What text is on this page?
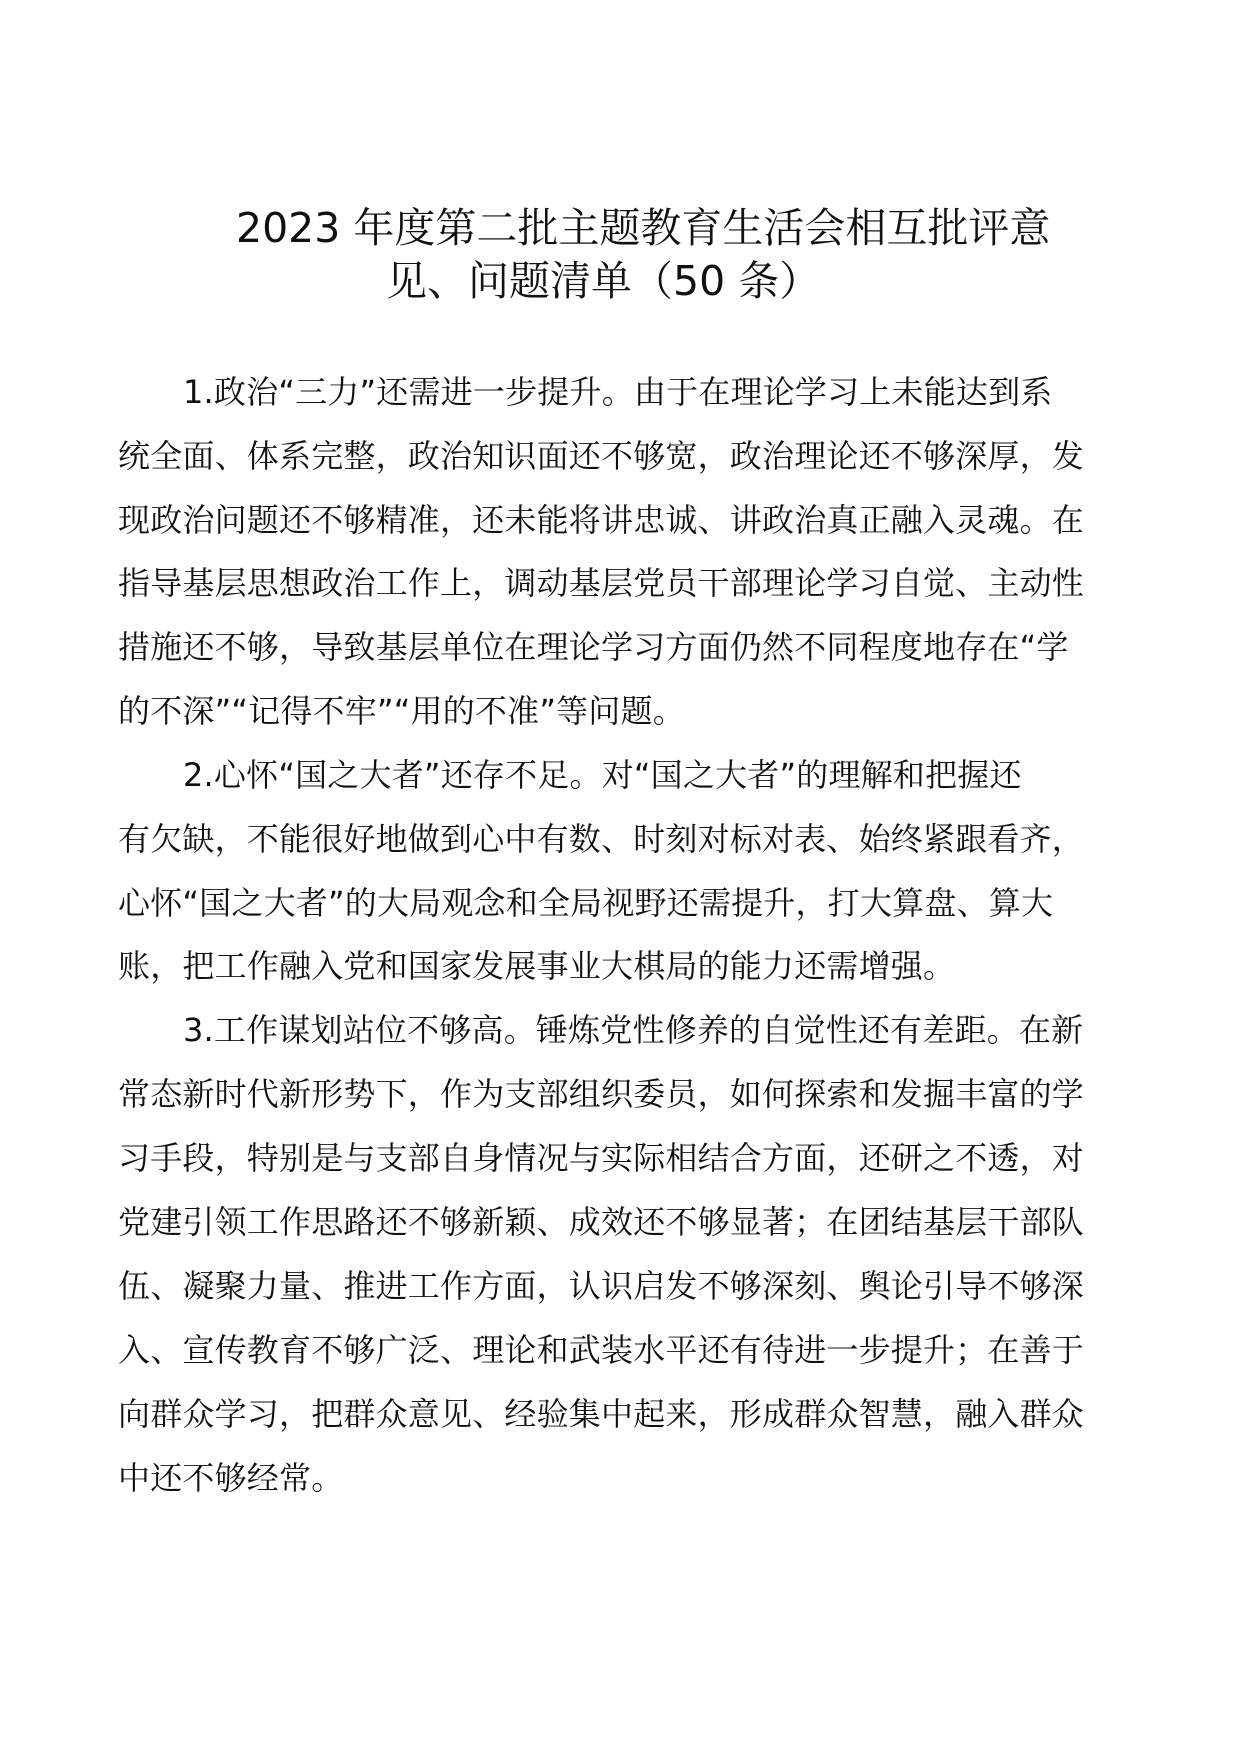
2023 年度第二批主题教育生活会相互批评意
见、问题清单（50 条）
1.政治“三力”还需进一步提升。由于在理论学习上未能达到系
统全面、体系完整，政治知识面还不够宽，政治理论还不够深厚，发
现政治问题还不够精准，还未能将讲忠诚、讲政治真正融入灵魂。在
指导基层思想政治工作上，调动基层党员干部理论学习自觉、主动性
措施还不够，导致基层单位在理论学习方面仍然不同程度地存在“学
的不深”“记得不牢”“用的不准”等问题。
2.心怀“国之大者”还存不足。对“国之大者”的理解和把握还
有欠缺，不能很好地做到心中有数、时刻对标对表、始终紧跟看齐，
心怀“国之大者”的大局观念和全局视野还需提升，打大算盘、算大
账，把工作融入党和国家发展事业大棋局的能力还需增强。
3.工作谋划站位不够高。锤炼党性修养的自觉性还有差距。在新
常态新时代新形势下，作为支部组织委员，如何探索和发掘丰富的学
习手段，特别是与支部自身情况与实际相结合方面，还研之不透，对
党建引领工作思路还不够新颖、成效还不够显著；在团结基层干部队
伍、凝聚力量、推进工作方面，认识启发不够深刻、舆论引导不够深
入、宣传教育不够广泛、理论和武装水平还有待进一步提升；在善于
向群众学习，把群众意见、经验集中起来，形成群众智慧，融入群众
中还不够经常。
